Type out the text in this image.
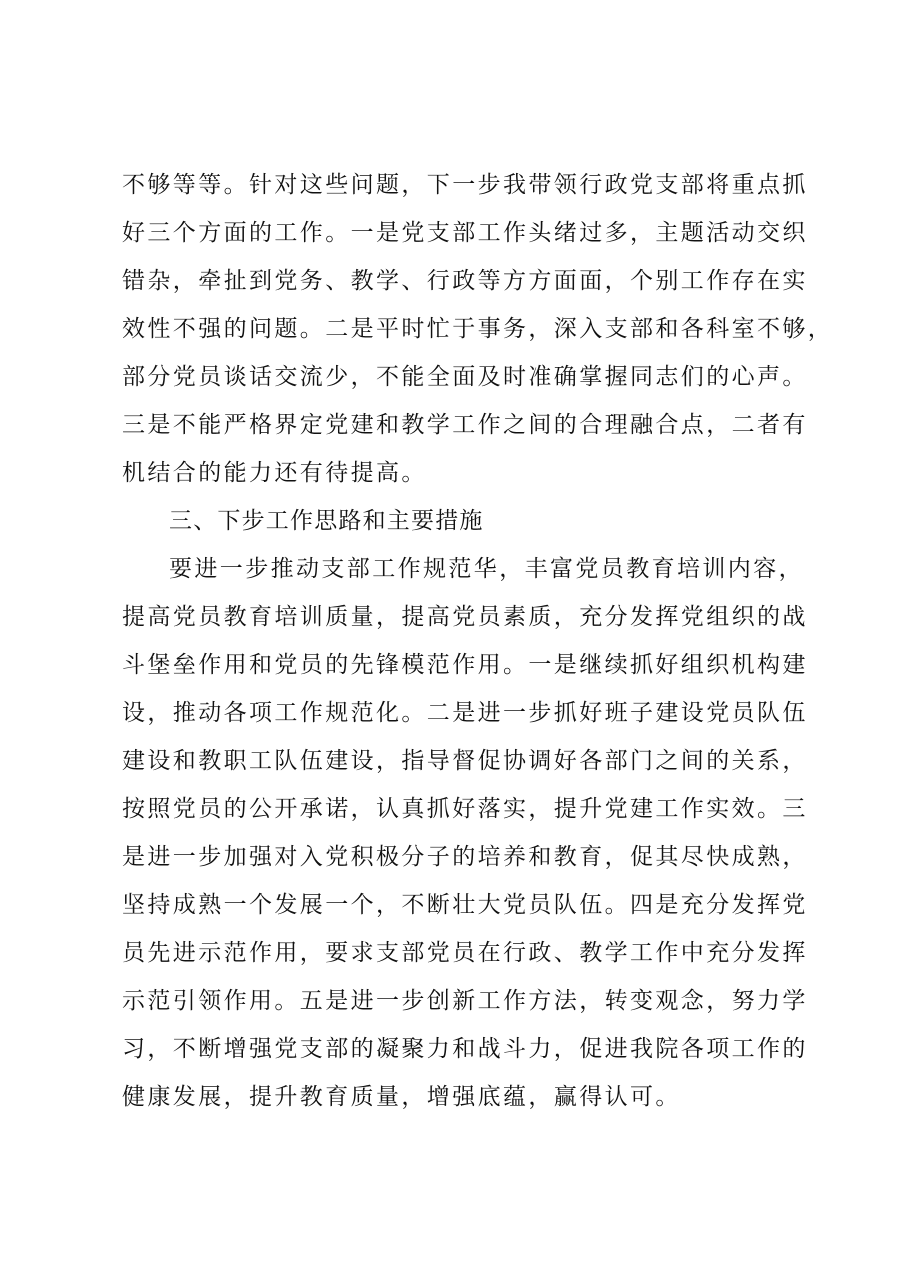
不够等等。针对这些问题，下一步我带领行政党支部将重点抓
好三个方面的工作。一是党支部工作头绪过多，主题活动交织
错杂，牵扯到党务、教学、行政等方方面面，个别工作存在实
效性不强的问题。二是平时忙于事务，深入支部和各科室不够，
部分党员谈话交流少，不能全面及时准确掌握同志们的心声。
三是不能严格界定党建和教学工作之间的合理融合点，二者有
机结合的能力还有待提高。
三、下步工作思路和主要措施
要进一步推动支部工作规范华，丰富党员教育培训内容，
提高党员教育培训质量，提高党员素质，充分发挥党组织的战
斗堡垒作用和党员的先锋模范作用。一是继续抓好组织机构建
设，推动各项工作规范化。二是进一步抓好班子建设党员队伍
建设和教职工队伍建设，指导督促协调好各部门之间的关系，
按照党员的公开承诺，认真抓好落实，提升党建工作实效。三
是进一步加强对入党积极分子的培养和教育，促其尽快成熟，
坚持成熟一个发展一个，不断壮大党员队伍。四是充分发挥党
员先进示范作用，要求支部党员在行政、教学工作中充分发挥
示范引领作用。五是进一步创新工作方法，转变观念，努力学
习，不断增强党支部的凝聚力和战斗力，促进我院各项工作的
健康发展，提升教育质量，增强底蕴，赢得认可。
